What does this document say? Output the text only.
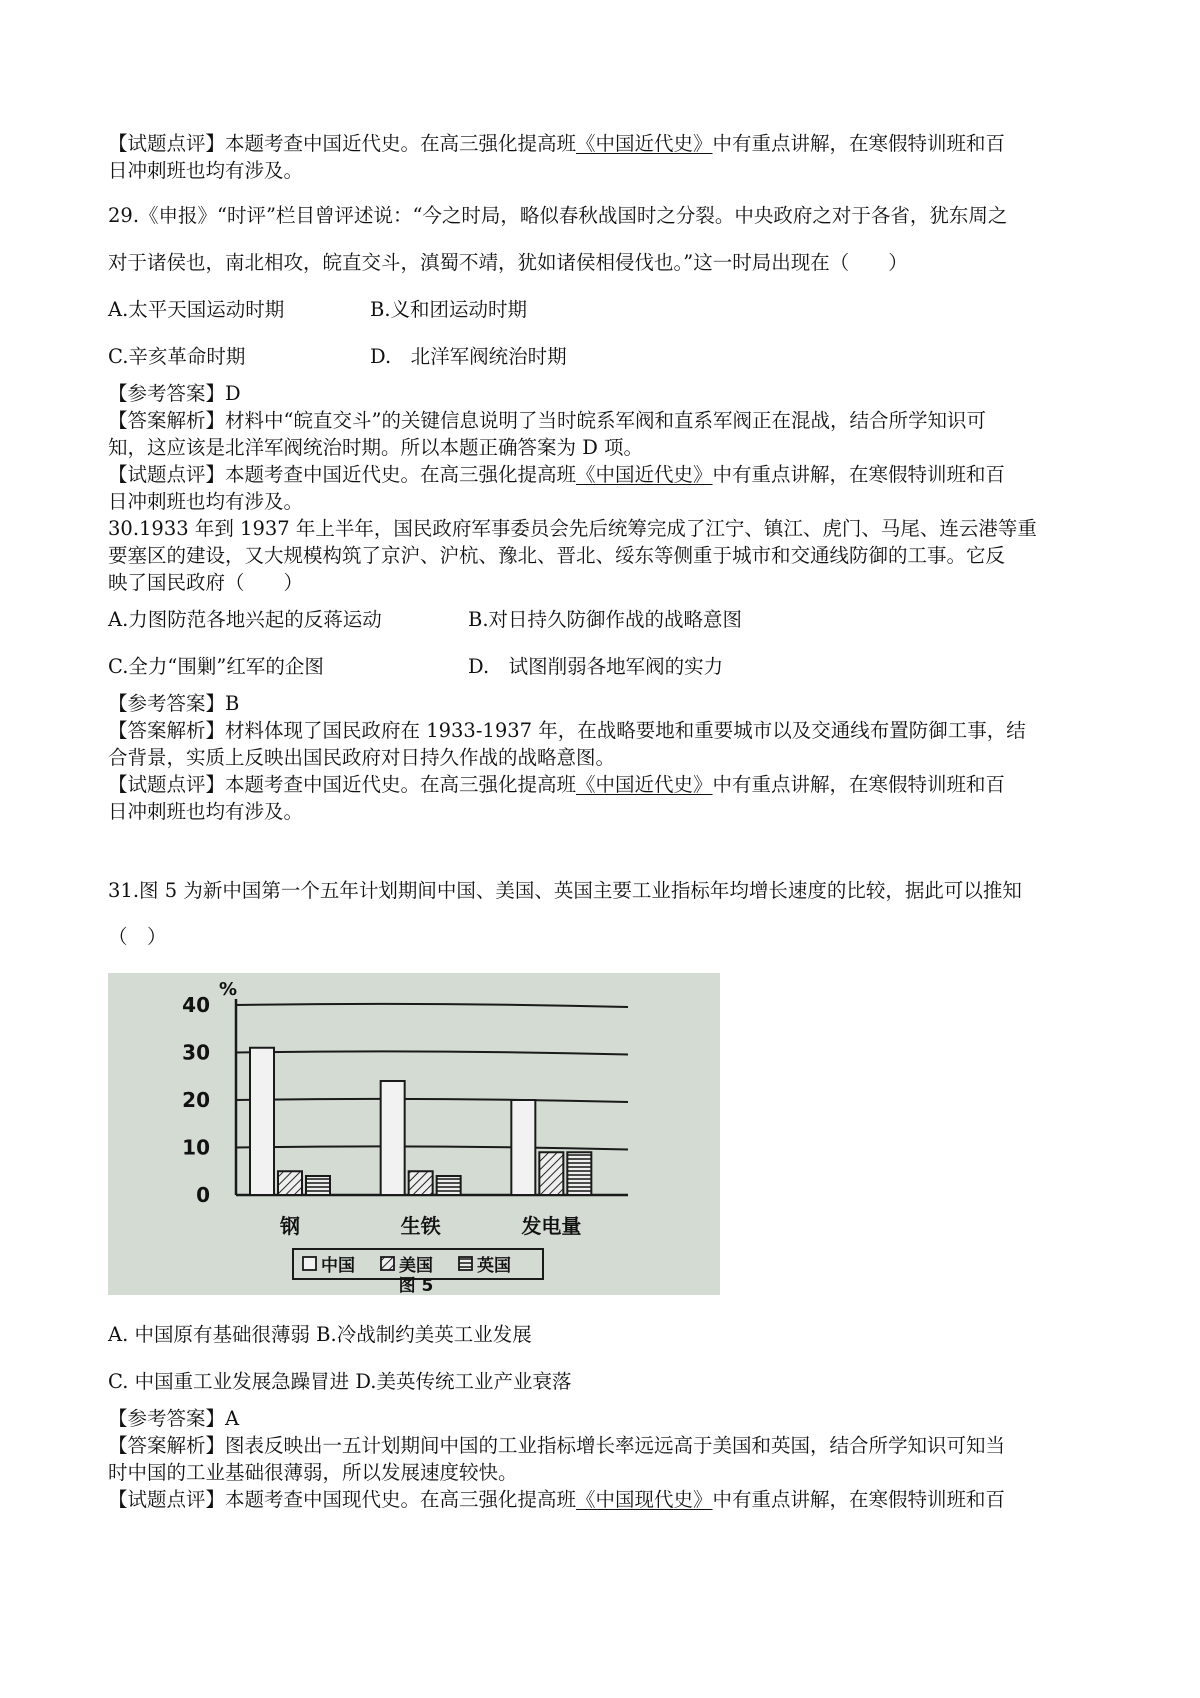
【试题点评】本题考查中国近代史。在高三强化提高班《中国近代史》中有重点讲解，在寒假特训班和百

日冲刺班也均有涉及。

29.《申报》“时评”栏目曾评述说：“今之时局，略似春秋战国时之分裂。中央政府之对于各省，犹东周之

对于诸侯也，南北相攻，皖直交斗，滇蜀不靖，犹如诸侯相侵伐也。”这一时局出现在（　　）

A.太平天国运动时期	B.义和团运动时期

C.辛亥革命时期	D.　北洋军阀统治时期

【参考答案】D

【答案解析】材料中“皖直交斗”的关键信息说明了当时皖系军阀和直系军阀正在混战，结合所学知识可

知，这应该是北洋军阀统治时期。所以本题正确答案为 D 项。

【试题点评】本题考查中国近代史。在高三强化提高班《中国近代史》中有重点讲解，在寒假特训班和百

日冲刺班也均有涉及。

30.1933 年到 1937 年上半年，国民政府军事委员会先后统筹完成了江宁、镇江、虎门、马尾、连云港等重

要塞区的建设，又大规模构筑了京沪、沪杭、豫北、晋北、绥东等侧重于城市和交通线防御的工事。它反

映了国民政府（　　）

A.力图防范各地兴起的反蒋运动	B.对日持久防御作战的战略意图

C.全力“围剿”红军的企图	D.　试图削弱各地军阀的实力

【参考答案】B

【答案解析】材料体现了国民政府在 1933-1937 年，在战略要地和重要城市以及交通线布置防御工事，结

合背景，实质上反映出国民政府对日持久作战的战略意图。

【试题点评】本题考查中国近代史。在高三强化提高班《中国近代史》中有重点讲解，在寒假特训班和百

日冲刺班也均有涉及。

31.图 5 为新中国第一个五年计划期间中国、美国、英国主要工业指标年均增长速度的比较，据此可以推知

（　）

0
10
20
30
40
%
钢	生铁	发电量
中国	美国	英国
图 5

A. 中国原有基础很薄弱 B.冷战制约美英工业发展

C. 中国重工业发展急躁冒进 D.美英传统工业产业衰落

【参考答案】A

【答案解析】图表反映出一五计划期间中国的工业指标增长率远远高于美国和英国，结合所学知识可知当

时中国的工业基础很薄弱，所以发展速度较快。

【试题点评】本题考查中国现代史。在高三强化提高班《中国现代史》中有重点讲解，在寒假特训班和百
